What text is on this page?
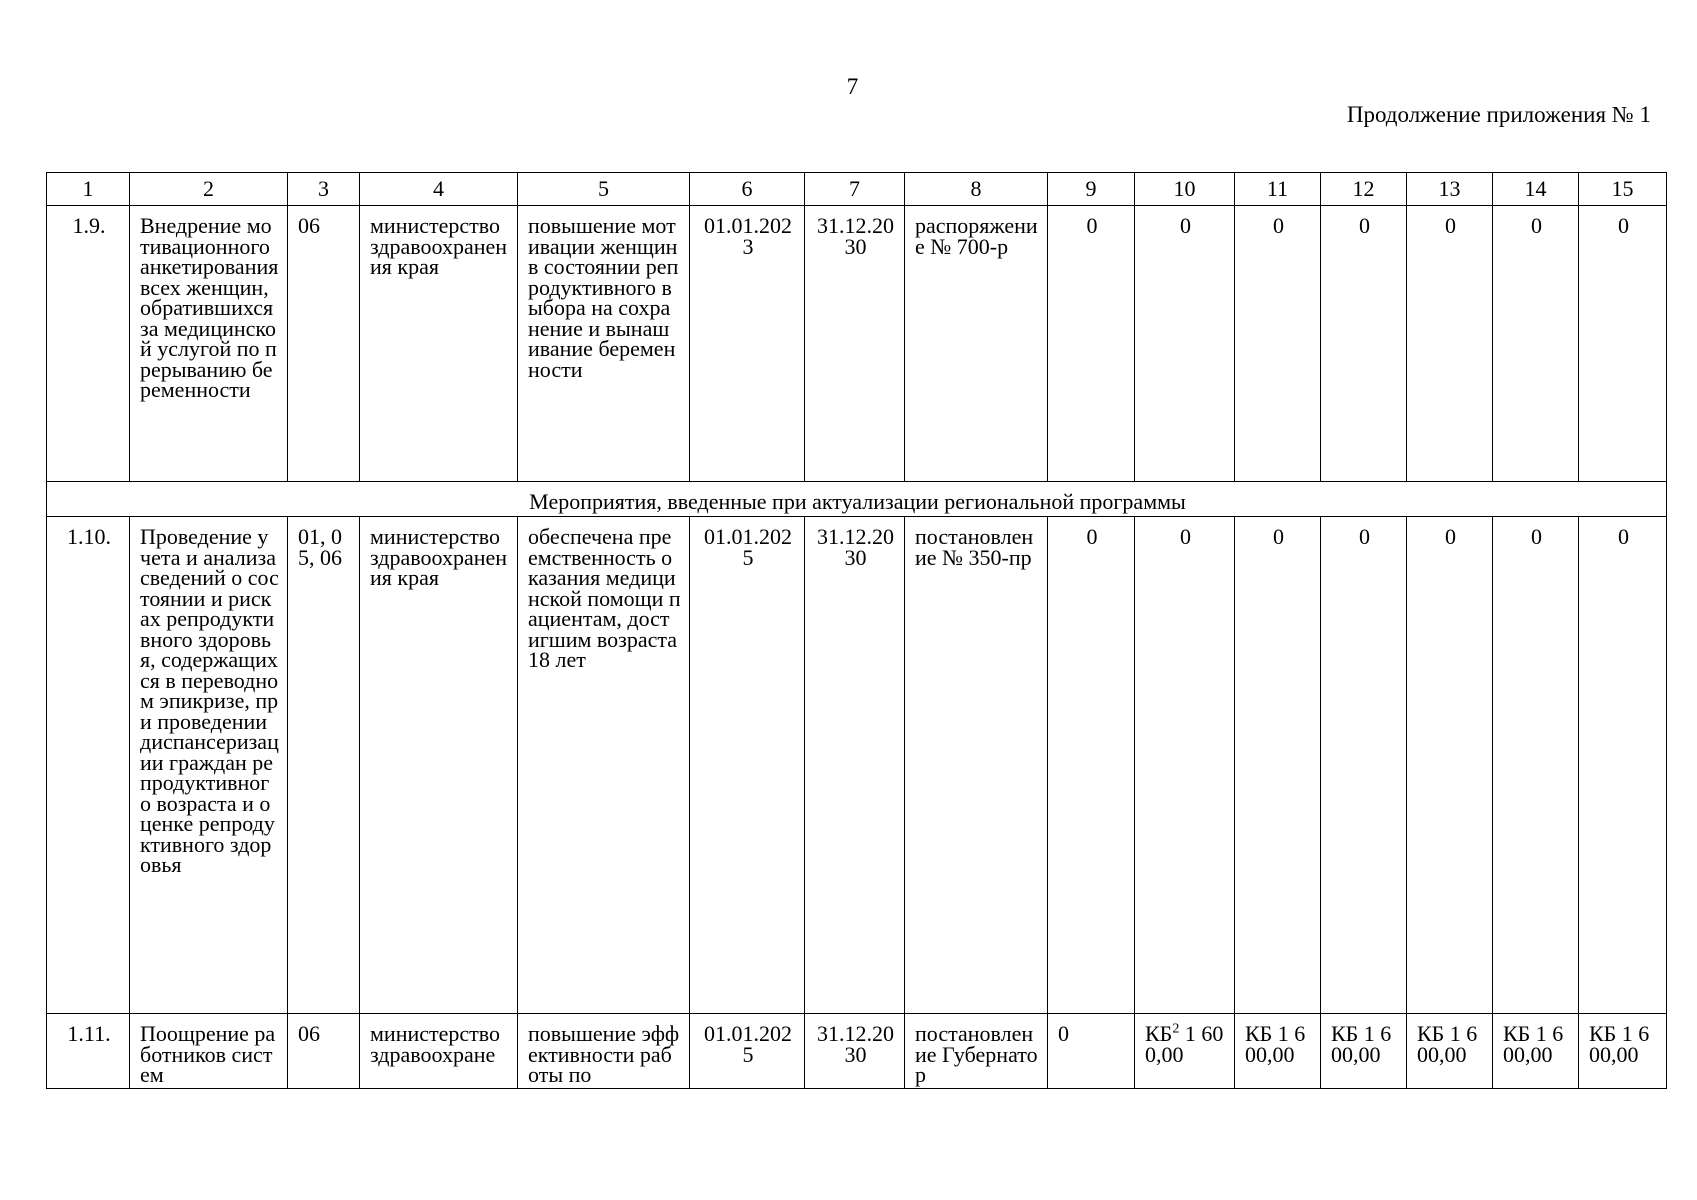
7
Продолжение приложения № 1
1	2	3	4	5	6	7	8	9	10	11	12	13	14	15
1.9.	Внедрение мотивационного анкетирования всех женщин, обратившихся за медицинской услугой по прерыванию беременности	06	министерство здравоохранения края	повышение мотивации женщин в состоянии репродуктивного выбора на сохранение и вынашивание беременности	01.01.2023	31.12.2030	распоряжение № 700-р	0	0	0	0	0	0	0
Мероприятия, введенные при актуализации региональной программы														
1.10.	Проведение учета и анализа сведений о состоянии и рисках репродуктивного здоровья, содержащихся в переводном эпикризе, при проведении диспансеризации граждан репродуктивного возраста и оценке репродуктивного здоровья	01, 05, 06	министерство здравоохранения края	обеспечена преемственность оказания медицинской помощи пациентам, достигшим возраста 18 лет	01.01.2025	31.12.2030	постановление № 350-пр	0	0	0	0	0	0	0
1.11.	Поощрение работников систем	06	министерство здравоохране	повышение эффективности работы по	01.01.2025	31.12.2030	постановление Губернатор	0	$КБ^2$ 1 600,00	КБ 1 600,00	КБ 1 600,00	КБ 1 600,00	КБ 1 600,00	КБ 1 600,00
